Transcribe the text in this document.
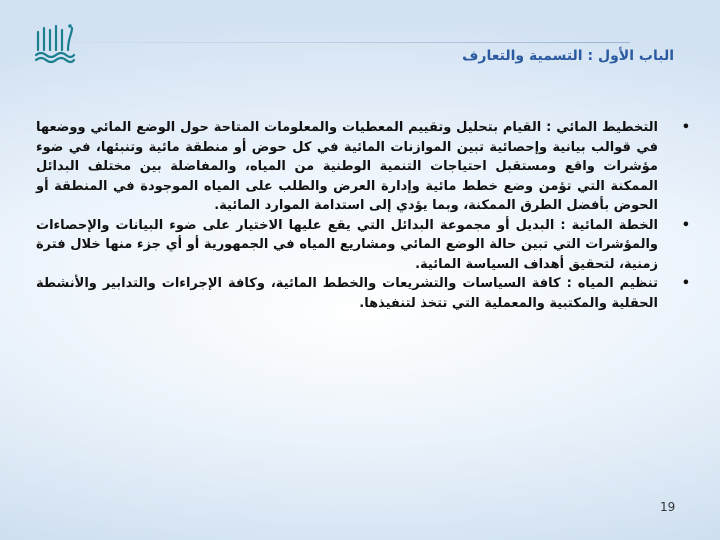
الباب الأول : التسمية والتعارف
•
التخطيط المائي : القيام بتحليل وتقييم المعطيات والمعلومات المتاحة حول الوضع المائي ووضعها في قوالب بيانية وإحصائية تبين الموازنات المائية في كل حوض أو منطقة مائية وتنبئها، في ضوء مؤشرات واقع ومستقبل احتياجات التنمية الوطنية من المياه، والمفاضلة بين مختلف البدائل الممكنة التي تؤمن وضع خطط مائية وإدارة العرض والطلب على المياه الموجودة في المنطقة أو الحوض بأفضل الطرق الممكنة، وبما يؤدي إلى استدامة الموارد المائية.
•
الخطة المائية : البديل أو مجموعة البدائل التي يقع عليها الاختيار على ضوء البيانات والإحصاءات والمؤشرات التي تبين حالة الوضع المائي ومشاريع المياه في الجمهورية أو أي جزء منها خلال فترة زمنية، لتحقيق أهداف السياسة المائية.
•
تنظيم المياه : كافة السياسات والتشريعات والخطط المائية، وكافة الإجراءات والتدابير والأنشطة الحقلية والمكتبية والمعملية التي تتخذ لتنفيذها.
19
